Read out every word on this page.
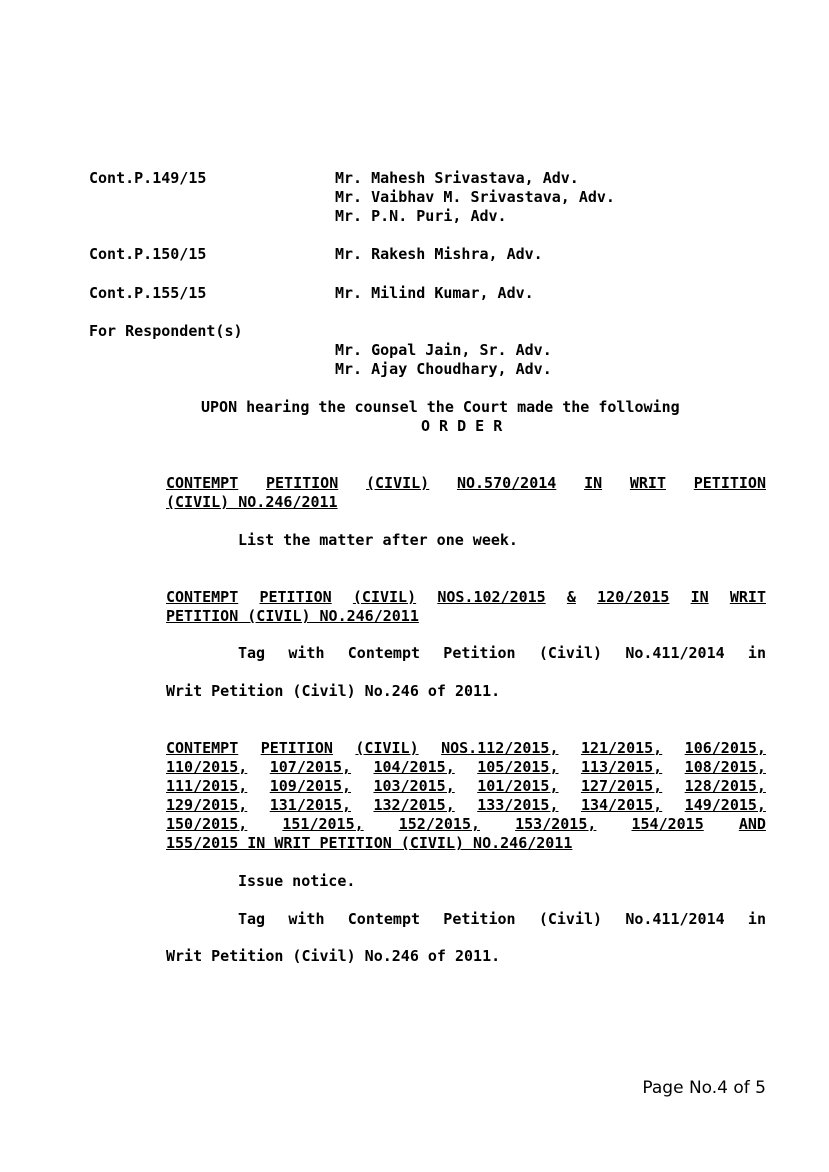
Cont.P.149/15	Mr. Mahesh Srivastava, Adv.
Mr. Vaibhav M. Srivastava, Adv.
Mr. P.N. Puri, Adv.
Cont.P.150/15	Mr. Rakesh Mishra, Adv.
Cont.P.155/15	Mr. Milind Kumar, Adv.
For Respondent(s)
Mr. Gopal Jain, Sr. Adv.
Mr. Ajay Choudhary, Adv.
UPON hearing the counsel the Court made the following
O R D E R
CONTEMPT PETITION (CIVIL) NO.570/2014 IN WRIT PETITION
(CIVIL) NO.246/2011
List the matter after one week.
CONTEMPT PETITION (CIVIL) NOS.102/2015 & 120/2015 IN WRIT
PETITION (CIVIL) NO.246/2011
Tag with Contempt Petition (Civil) No.411/2014 in
Writ Petition (Civil) No.246 of 2011.
CONTEMPT PETITION (CIVIL) NOS.112/2015, 121/2015, 106/2015,
110/2015, 107/2015, 104/2015, 105/2015, 113/2015, 108/2015,
111/2015, 109/2015, 103/2015, 101/2015, 127/2015, 128/2015,
129/2015, 131/2015, 132/2015, 133/2015, 134/2015, 149/2015,
150/2015, 151/2015, 152/2015, 153/2015, 154/2015 AND
155/2015 IN WRIT PETITION (CIVIL) NO.246/2011
Issue notice.
Tag with Contempt Petition (Civil) No.411/2014 in
Writ Petition (Civil) No.246 of 2011.
Page No.4 of 5
